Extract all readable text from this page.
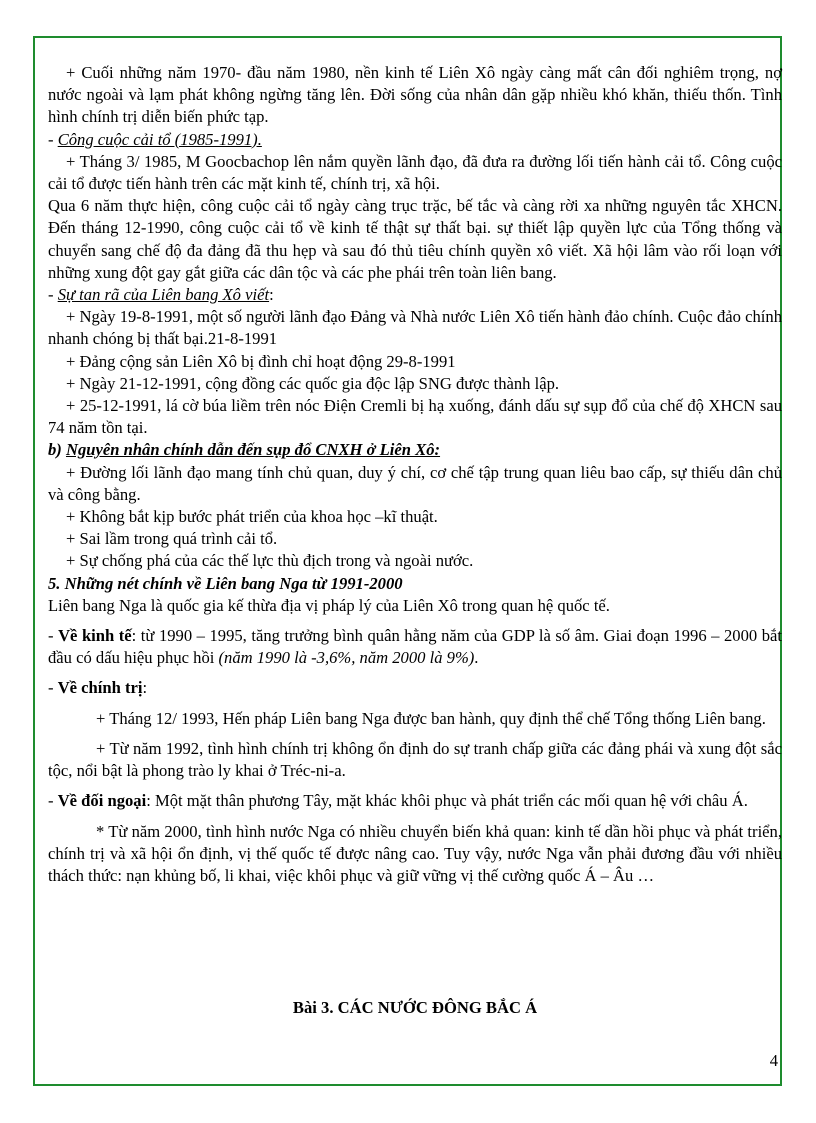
+ Cuối những năm 1970- đầu năm 1980, nền kinh tế Liên Xô ngày càng mất cân đối nghiêm trọng, nợ nước ngoài và lạm phát không ngừng tăng lên. Đời sống của nhân dân gặp nhiều khó khăn, thiếu thốn. Tình hình chính trị diễn biến phức tạp.

- Công cuộc cải tổ (1985-1991).

+ Tháng 3/ 1985, M Goocbachop lên nắm quyền lãnh đạo, đã đưa ra đường lối tiến hành cải tổ. Công cuộc cải tổ được tiến hành trên các mặt kinh tế, chính trị, xã hội.

Qua 6 năm thực hiện, công cuộc cải tổ ngày càng trục trặc, bế tắc và càng rời xa những nguyên tắc XHCN. Đến tháng 12-1990, công cuộc cải tổ về kinh tế thật sự thất bại. sự thiết lập quyền lực của Tổng thống và chuyển sang chế độ đa đảng đã thu hẹp và sau đó thủ tiêu chính quyền xô viết. Xã hội lâm vào rối loạn với những xung đột gay gắt giữa các dân tộc và các phe phái trên toàn liên bang.

- Sự tan rã của Liên bang Xô viết:

+ Ngày 19-8-1991, một số người lãnh đạo Đảng và Nhà nước Liên Xô tiến hành đảo chính. Cuộc đảo chính nhanh chóng bị thất bại.21-8-1991

+ Đảng cộng sản Liên Xô bị đình chỉ hoạt động 29-8-1991

+ Ngày 21-12-1991, cộng đồng các quốc gia độc lập SNG được thành lập.

+ 25-12-1991, lá cờ búa liềm trên nóc Điện Cremli bị hạ xuống, đánh dấu sự sụp đổ của chế độ XHCN sau 74 năm tồn tại.

b) Nguyên nhân chính dẫn đến sụp đổ CNXH ở Liên Xô:

+ Đường lối lãnh đạo mang tính chủ quan, duy ý chí, cơ chế tập trung quan liêu bao cấp, sự thiếu dân chủ và công bằng.

+ Không bắt kịp bước phát triển của khoa học –kĩ thuật.

+ Sai lầm trong quá trình cải tổ.

+ Sự chống phá của các thế lực thù địch trong và ngoài nước.

5. Những nét chính về Liên bang Nga từ 1991-2000

Liên bang Nga là quốc gia kế thừa địa vị pháp lý của Liên Xô trong quan hệ quốc tế.

- Về kinh tế: từ 1990 – 1995, tăng trưởng bình quân hằng năm của GDP là số âm. Giai đoạn 1996 – 2000 bắt đầu có dấu hiệu phục hồi (năm 1990 là -3,6%, năm 2000 là 9%).

- Về chính trị:

+ Tháng 12/ 1993, Hến pháp Liên bang Nga được ban hành, quy định thể chế Tổng thống Liên bang.

+ Từ năm 1992, tình hình chính trị không ổn định do sự tranh chấp giữa các đảng phái và xung đột sắc tộc, nổi bật là phong trào ly khai ở Tréc-ni-a.

- Về đối ngoại: Một mặt thân phương Tây, mặt khác khôi phục và phát triển các mối quan hệ với châu Á.

* Từ năm 2000, tình hình nước Nga có nhiều chuyển biến khả quan: kinh tế dần hồi phục và phát triển, chính trị và xã hội ổn định, vị thế quốc tế được nâng cao. Tuy vậy, nước Nga vẫn phải đương đầu với nhiều thách thức: nạn khủng bố, li khai, việc khôi phục và giữ vững vị thế cường quốc Á – Âu …

Bài 3. CÁC NƯỚC ĐÔNG BẮC Á
4
